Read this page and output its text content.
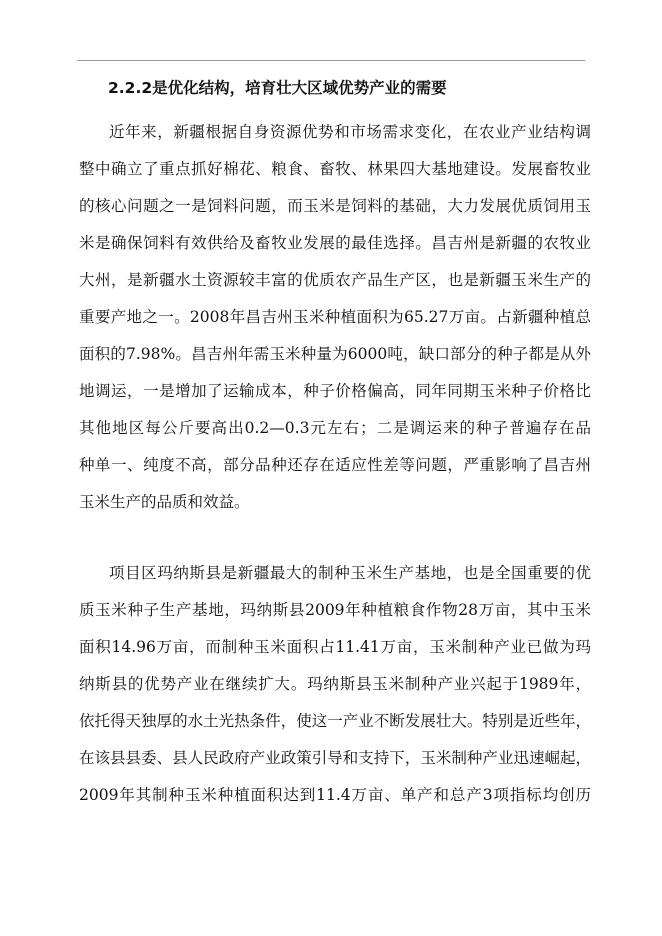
2.2.2是优化结构，培育壮大区域优势产业的需要
近年来，新疆根据自身资源优势和市场需求变化，在农业产业结构调
整中确立了重点抓好棉花、粮食、畜牧、林果四大基地建设。发展畜牧业
的核心问题之一是饲料问题，而玉米是饲料的基础，大力发展优质饲用玉
米是确保饲料有效供给及畜牧业发展的最佳选择。昌吉州是新疆的农牧业
大州，是新疆水土资源较丰富的优质农产品生产区，也是新疆玉米生产的
重要产地之一。2008年昌吉州玉米种植面积为65.27万亩。占新疆种植总
面积的7.98%。昌吉州年需玉米种量为6000吨，缺口部分的种子都是从外
地调运，一是增加了运输成本，种子价格偏高，同年同期玉米种子价格比
其他地区每公斤要高出0.2—0.3元左右；二是调运来的种子普遍存在品
种单一、纯度不高，部分品种还存在适应性差等问题，严重影响了昌吉州
玉米生产的品质和效益。
项目区玛纳斯县是新疆最大的制种玉米生产基地，也是全国重要的优
质玉米种子生产基地，玛纳斯县2009年种植粮食作物28万亩，其中玉米
面积14.96万亩，而制种玉米面积占11.41万亩，玉米制种产业已做为玛
纳斯县的优势产业在继续扩大。玛纳斯县玉米制种产业兴起于1989年，
依托得天独厚的水土光热条件，使这一产业不断发展壮大。特别是近些年，
在该县县委、县人民政府产业政策引导和支持下，玉米制种产业迅速崛起，
2009年其制种玉米种植面积达到11.4万亩、单产和总产3项指标均创历
